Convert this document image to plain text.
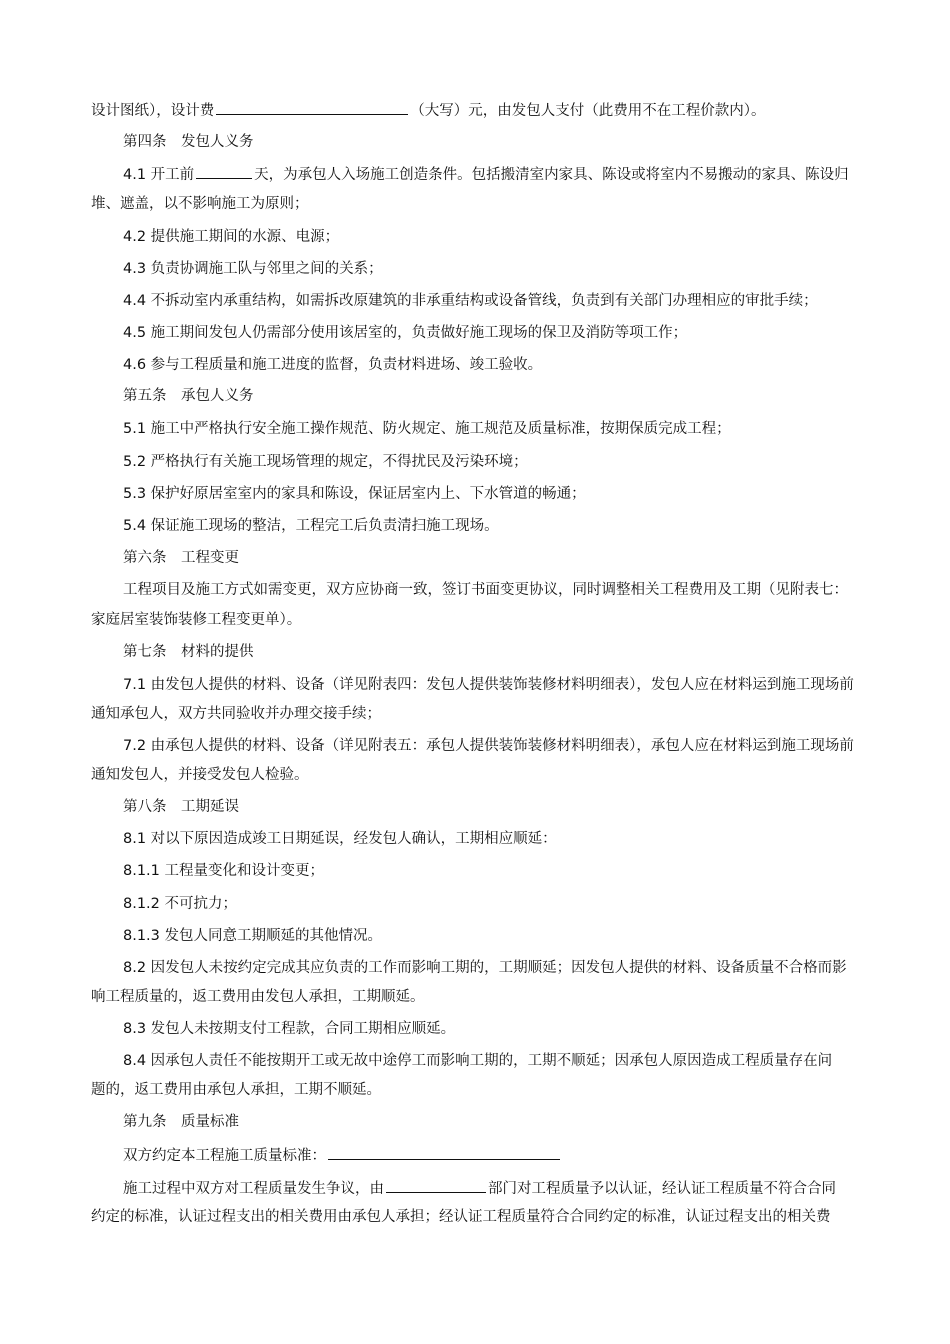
设计图纸），设计费	（大写）元，由发包人支付（此费用不在工程价款内）。
第四条　发包人义务
4.1 开工前	天，为承包人入场施工创造条件。包括搬清室内家具、陈设或将室内不易搬动的家具、陈设归
堆、遮盖，以不影响施工为原则；
4.2 提供施工期间的水源、电源；
4.3 负责协调施工队与邻里之间的关系；
4.4 不拆动室内承重结构，如需拆改原建筑的非承重结构或设备管线，负责到有关部门办理相应的审批手续；
4.5 施工期间发包人仍需部分使用该居室的，负责做好施工现场的保卫及消防等项工作；
4.6 参与工程质量和施工进度的监督，负责材料进场、竣工验收。
第五条　承包人义务
5.1 施工中严格执行安全施工操作规范、防火规定、施工规范及质量标准，按期保质完成工程；
5.2 严格执行有关施工现场管理的规定，不得扰民及污染环境；
5.3 保护好原居室室内的家具和陈设，保证居室内上、下水管道的畅通；
5.4 保证施工现场的整洁，工程完工后负责清扫施工现场。
第六条　工程变更
工程项目及施工方式如需变更，双方应协商一致，签订书面变更协议，同时调整相关工程费用及工期（见附表七：
家庭居室装饰装修工程变更单）。
第七条　材料的提供
7.1 由发包人提供的材料、设备（详见附表四：发包人提供装饰装修材料明细表），发包人应在材料运到施工现场前
通知承包人，双方共同验收并办理交接手续；
7.2 由承包人提供的材料、设备（详见附表五：承包人提供装饰装修材料明细表），承包人应在材料运到施工现场前
通知发包人，并接受发包人检验。
第八条　工期延误
8.1 对以下原因造成竣工日期延误，经发包人确认，工期相应顺延：
8.1.1 工程量变化和设计变更；
8.1.2 不可抗力；
8.1.3 发包人同意工期顺延的其他情况。
8.2 因发包人未按约定完成其应负责的工作而影响工期的，工期顺延；因发包人提供的材料、设备质量不合格而影
响工程质量的，返工费用由发包人承担，工期顺延。
8.3 发包人未按期支付工程款，合同工期相应顺延。
8.4 因承包人责任不能按期开工或无故中途停工而影响工期的，工期不顺延；因承包人原因造成工程质量存在问
题的，返工费用由承包人承担，工期不顺延。
第九条　质量标准
双方约定本工程施工质量标准：
施工过程中双方对工程质量发生争议，由	部门对工程质量予以认证，经认证工程质量不符合合同
约定的标准，认证过程支出的相关费用由承包人承担；经认证工程质量符合合同约定的标准，认证过程支出的相关费
